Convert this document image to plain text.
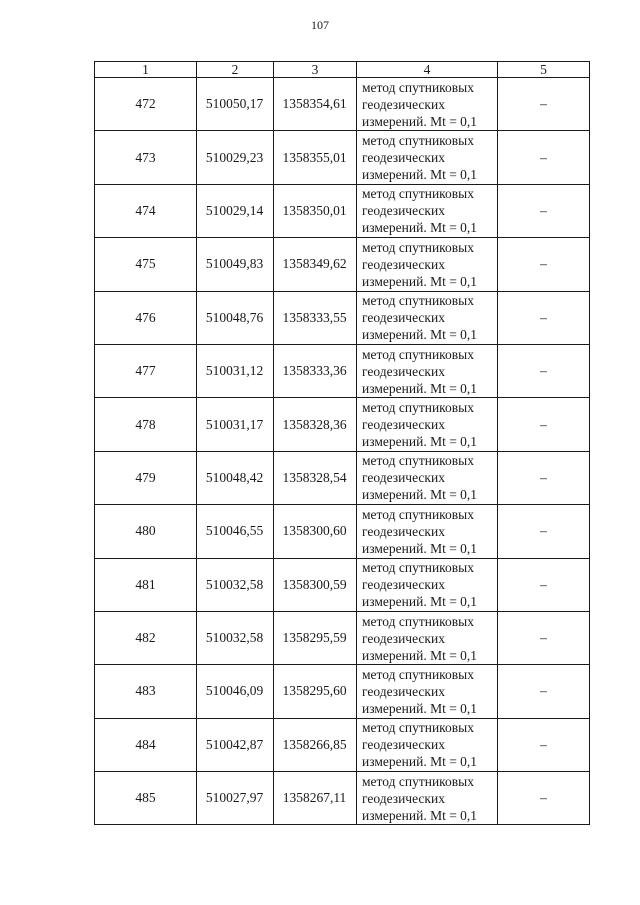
107
1	2	3	4	5
472	510050,17	1358354,61	метод спутниковых
геодезических
измерений. Mt = 0,1	–
473	510029,23	1358355,01	метод спутниковых
геодезических
измерений. Mt = 0,1	–
474	510029,14	1358350,01	метод спутниковых
геодезических
измерений. Mt = 0,1	–
475	510049,83	1358349,62	метод спутниковых
геодезических
измерений. Mt = 0,1	–
476	510048,76	1358333,55	метод спутниковых
геодезических
измерений. Mt = 0,1	–
477	510031,12	1358333,36	метод спутниковых
геодезических
измерений. Mt = 0,1	–
478	510031,17	1358328,36	метод спутниковых
геодезических
измерений. Mt = 0,1	–
479	510048,42	1358328,54	метод спутниковых
геодезических
измерений. Mt = 0,1	–
480	510046,55	1358300,60	метод спутниковых
геодезических
измерений. Mt = 0,1	–
481	510032,58	1358300,59	метод спутниковых
геодезических
измерений. Mt = 0,1	–
482	510032,58	1358295,59	метод спутниковых
геодезических
измерений. Mt = 0,1	–
483	510046,09	1358295,60	метод спутниковых
геодезических
измерений. Mt = 0,1	–
484	510042,87	1358266,85	метод спутниковых
геодезических
измерений. Mt = 0,1	–
485	510027,97	1358267,11	метод спутниковых
геодезических
измерений. Mt = 0,1	–
